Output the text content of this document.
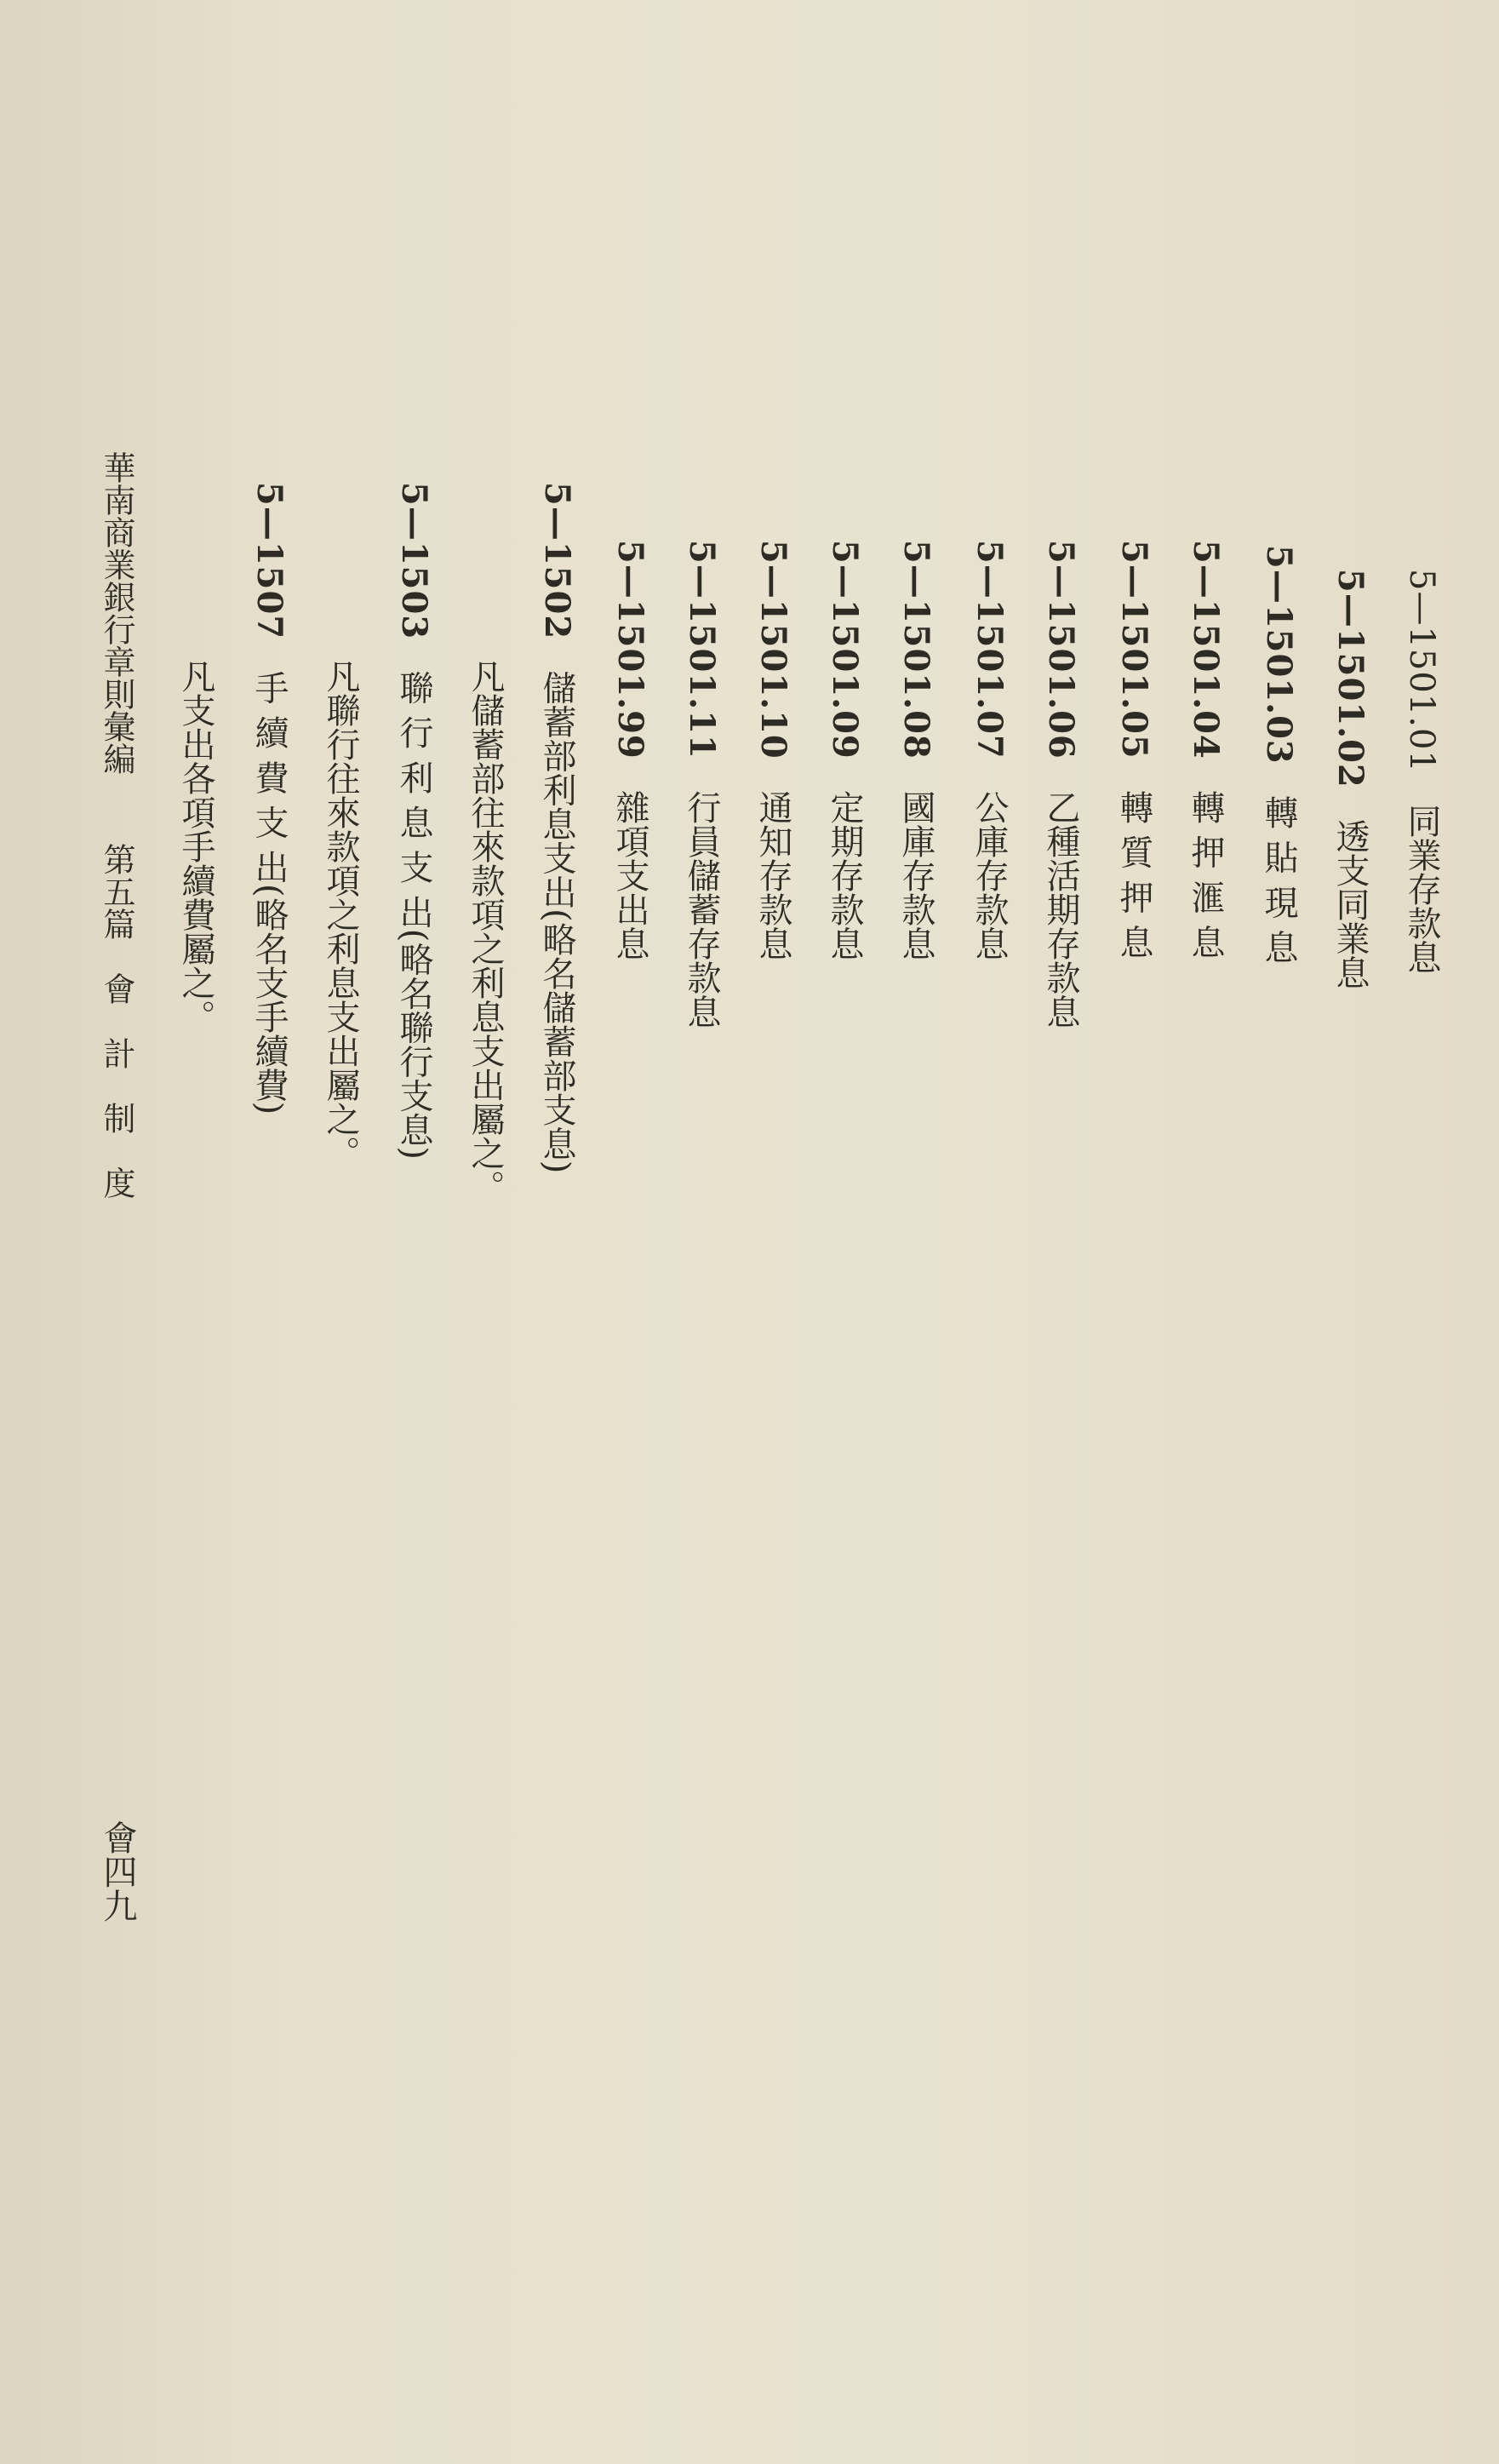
5—1501.01同業存款息
5—1501.02透支同業息
5—1501.03轉 貼 現 息
5—1501.04轉 押 滙 息
5—1501.05轉 質 押 息
5—1501.06乙種活期存款息
5—1501.07公庫存款息
5—1501.08國庫存款息
5—1501.09定期存款息
5—1501.10通知存款息
5—1501.11行員儲蓄存款息
5—1501.99雜項支出息
5—1502儲蓄部利息支出(略名儲蓄部支息)
凡儲蓄部往來款項之利息支出屬之。
5—1503聯 行 利 息 支 出(略名聯行支息)
凡聯行往來款項之利息支出屬之。
5—1507手 續 費 支 出(略名支手續費)
凡支出各項手續費屬之。
華南商業銀行章則彙編
第五篇　會　計　制　度
會四九
